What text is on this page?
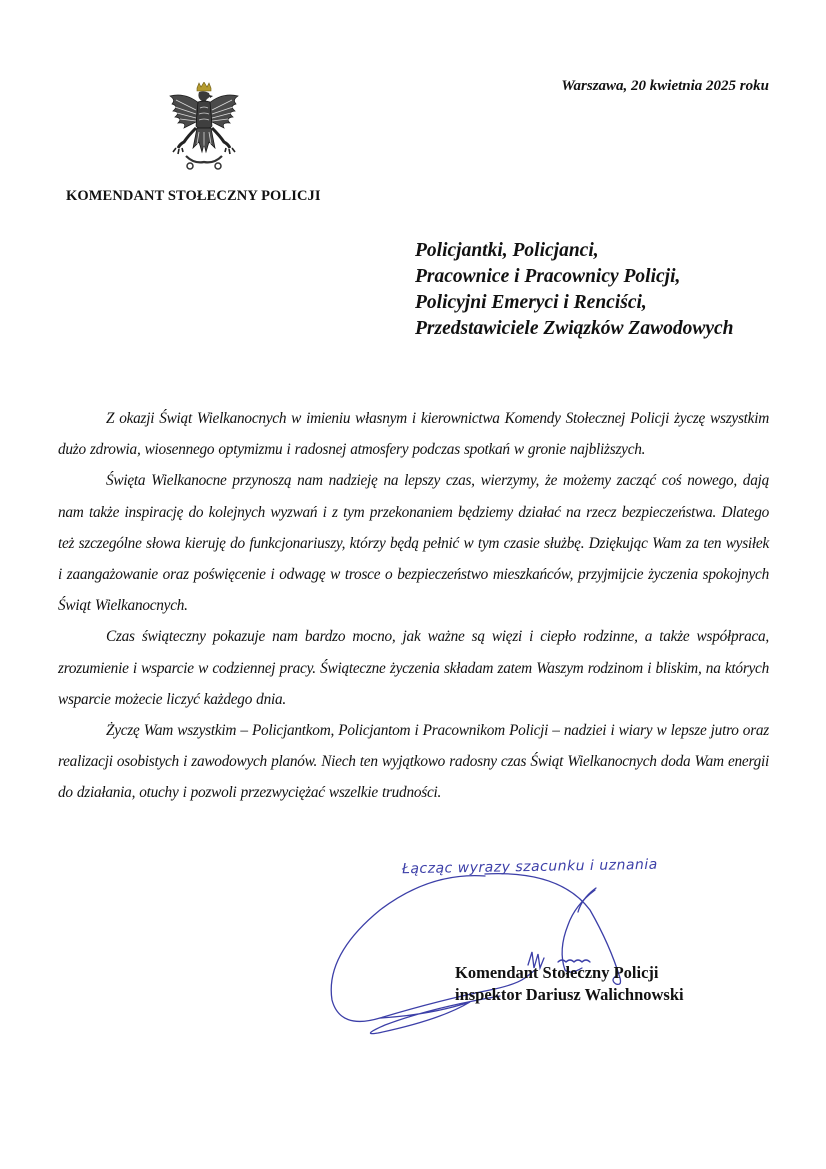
KOMENDANT STOŁECZNY POLICJI
Warszawa, 20 kwietnia 2025 roku
Policjantki, Policjanci,
Pracownice i Pracownicy Policji,
Policyjni Emeryci i Renciści,
Przedstawiciele Związków Zawodowych

Z okazji Świąt Wielkanocnych w imieniu własnym i kierownictwa Komendy Stołecznej Policji życzę wszystkim dużo zdrowia, wiosennego optymizmu i radosnej atmosfery podczas spotkań w gronie najbliższych.

Święta Wielkanocne przynoszą nam nadzieję na lepszy czas, wierzymy, że możemy zacząć coś nowego, dają nam także inspirację do kolejnych wyzwań i z tym przekonaniem będziemy działać na rzecz bezpieczeństwa. Dlatego też szczególne słowa kieruję do funkcjonariuszy, którzy będą pełnić w tym czasie służbę. Dziękując Wam za ten wysiłek i zaangażowanie oraz poświęcenie i odwagę w trosce o bezpieczeństwo mieszkańców, przyjmijcie życzenia spokojnych Świąt Wielkanocnych.

Czas świąteczny pokazuje nam bardzo mocno, jak ważne są więzi i ciepło rodzinne, a także współpraca, zrozumienie i wsparcie w codziennej pracy. Świąteczne życzenia składam zatem Waszym rodzinom i bliskim, na których wsparcie możecie liczyć każdego dnia.

Życzę Wam wszystkim – Policjantkom, Policjantom i Pracownikom Policji – nadziei i wiary w lepsze jutro oraz realizacji osobistych i zawodowych planów. Niech ten wyjątkowo radosny czas Świąt Wielkanocnych doda Wam energii do działania, otuchy i pozwoli przezwyciężać wszelkie trudności.

Łącząc wyrazy szacunku i uznania
Komendant Stołeczny Policji
inspektor Dariusz Walichnowski
